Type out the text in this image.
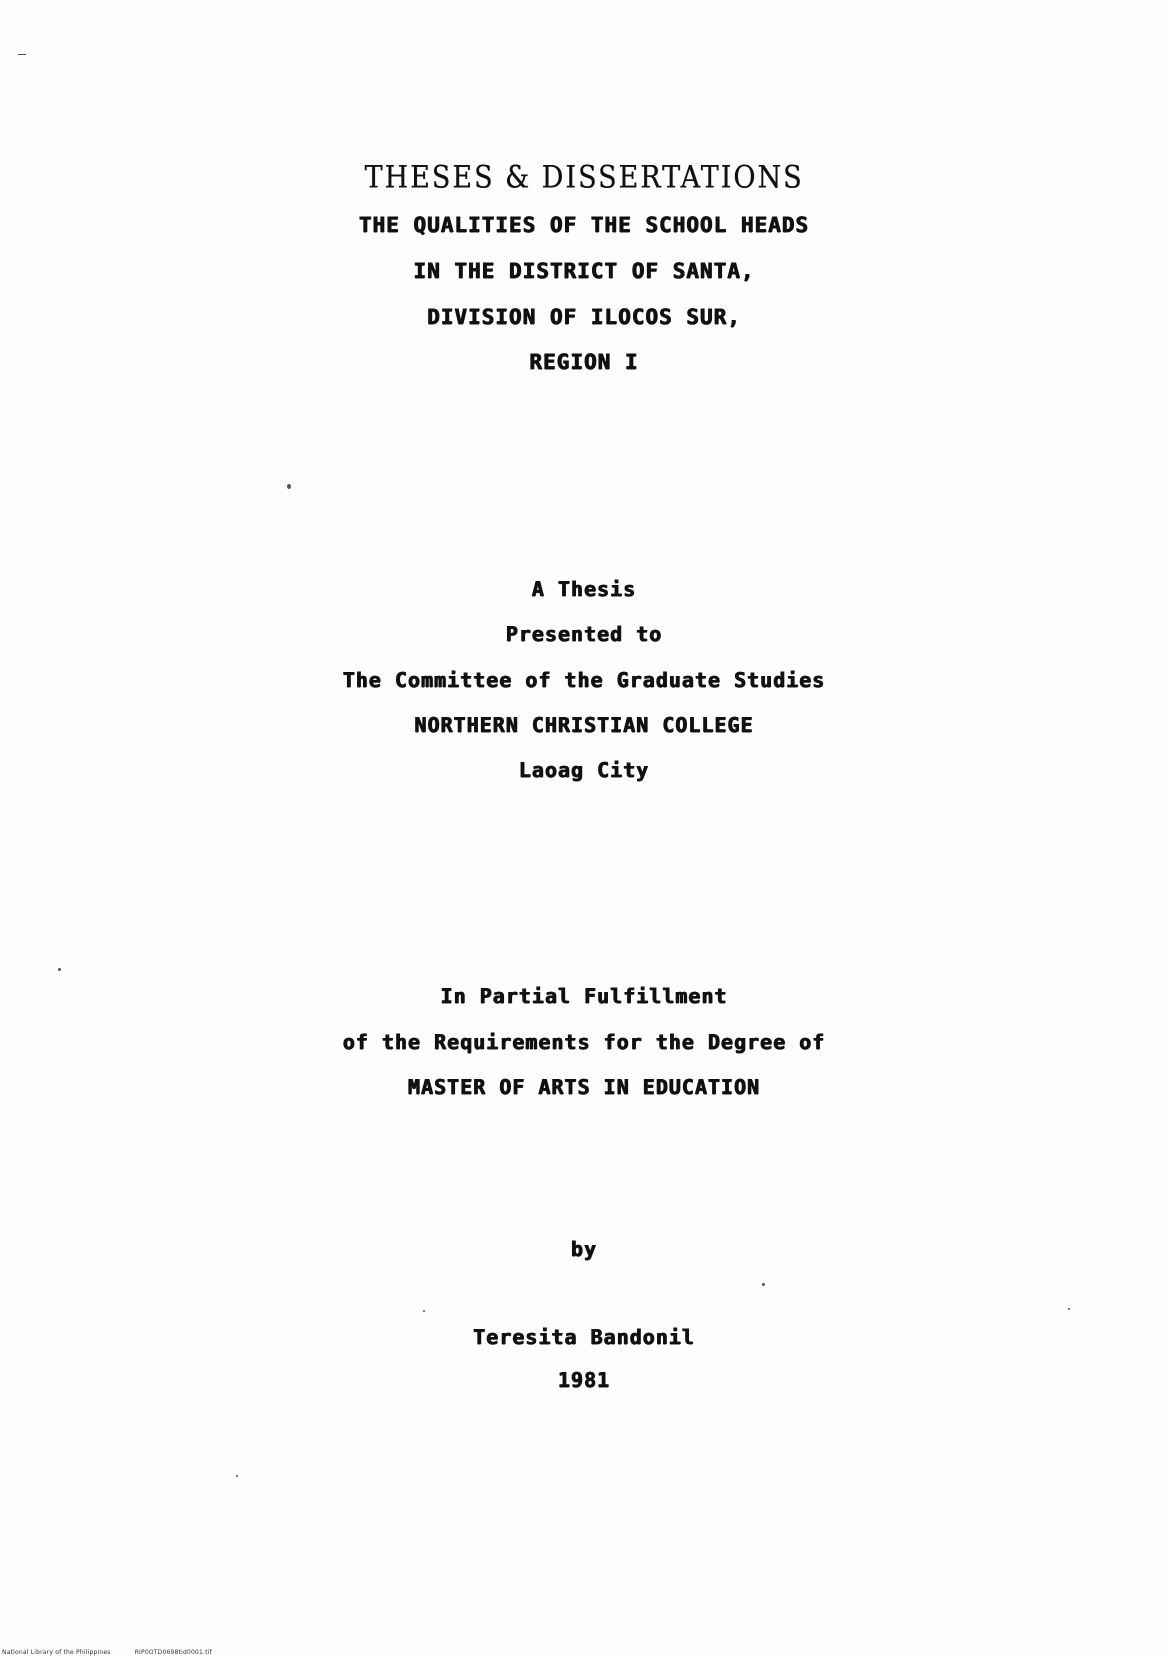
THESES & DISSERTATIONS
THE QUALITIES OF THE SCHOOL HEADS
IN THE DISTRICT OF SANTA,
DIVISION OF ILOCOS SUR,
REGION I
A Thesis
Presented to
The Committee of the Graduate Studies
NORTHERN CHRISTIAN COLLEGE
Laoag City
In Partial Fulfillment
of the Requirements for the Degree of
MASTER OF ARTS IN EDUCATION
by
Teresita Bandonil
1981
National Library of the Philippines	RIP0OTD0698tid0001.tif
